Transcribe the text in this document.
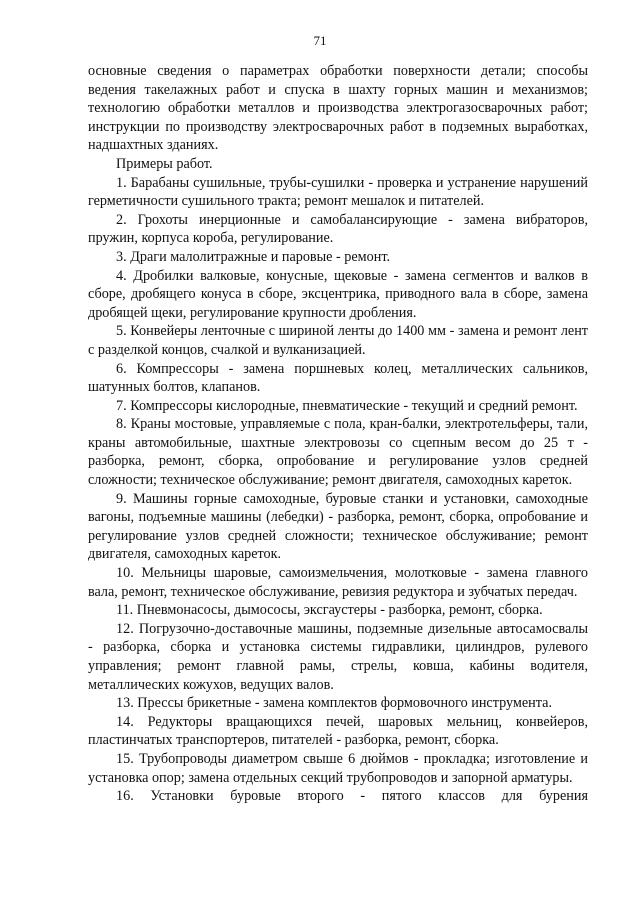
71

основные сведения о параметрах обработки поверхности детали; способы ведения такелажных работ и спуска в шахту горных машин и механизмов; технологию обработки металлов и производства электрогазосварочных работ; инструкции по производству электросварочных работ в подземных выработках, надшахтных зданиях.

Примеры работ.

1. Барабаны сушильные, трубы-сушилки - проверка и устранение нарушений герметичности сушильного тракта; ремонт мешалок и питателей.

2. Грохоты инерционные и самобалансирующие - замена вибраторов, пружин, корпуса короба, регулирование.

3. Драги малолитражные и паровые - ремонт.

4. Дробилки валковые, конусные, щековые - замена сегментов и валков в сборе, дробящего конуса в сборе, эксцентрика, приводного вала в сборе, замена дробящей щеки, регулирование крупности дробления.

5. Конвейеры ленточные с шириной ленты до 1400 мм - замена и ремонт лент с разделкой концов, счалкой и вулканизацией.

6. Компрессоры - замена поршневых колец, металлических сальников, шатунных болтов, клапанов.

7. Компрессоры кислородные, пневматические - текущий и средний ремонт.

8. Краны мостовые, управляемые с пола, кран-балки, электротельферы, тали, краны автомобильные, шахтные электровозы со сцепным весом до 25 т - разборка, ремонт, сборка, опробование и регулирование узлов средней сложности; техническое обслуживание; ремонт двигателя, самоходных кареток.

9. Машины горные самоходные, буровые станки и установки, самоходные вагоны, подъемные машины (лебедки) - разборка, ремонт, сборка, опробование и регулирование узлов средней сложности; техническое обслуживание; ремонт двигателя, самоходных кареток.

10. Мельницы шаровые, самоизмельчения, молотковые - замена главного вала, ремонт, техническое обслуживание, ревизия редуктора и зубчатых передач.

11. Пневмонасосы, дымососы, эксгаустеры - разборка, ремонт, сборка.

12. Погрузочно-доставочные машины, подземные дизельные автосамосвалы - разборка, сборка и установка системы гидравлики, цилиндров, рулевого управления; ремонт главной рамы, стрелы, ковша, кабины водителя, металлических кожухов, ведущих валов.

13. Прессы брикетные - замена комплектов формовочного инструмента.

14. Редукторы вращающихся печей, шаровых мельниц, конвейеров, пластинчатых транспортеров, питателей - разборка, ремонт, сборка.

15. Трубопроводы диаметром свыше 6 дюймов - прокладка; изготовление и установка опор; замена отдельных секций трубопроводов и запорной арматуры.

16. Установки буровые второго - пятого классов для бурения
